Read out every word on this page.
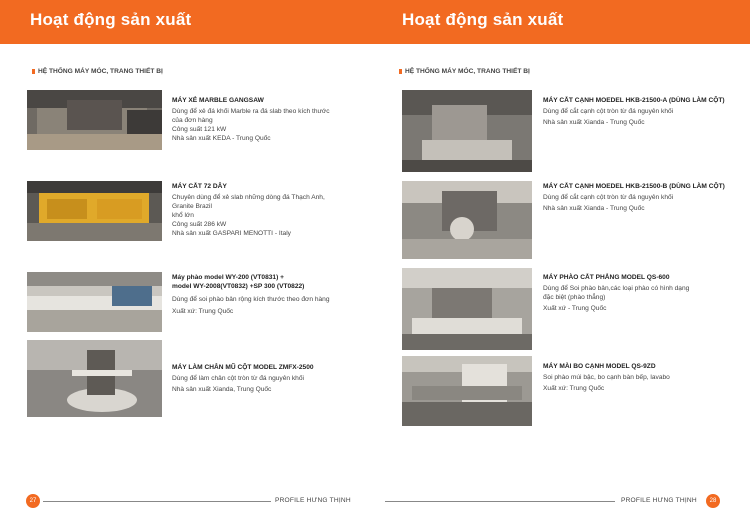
Hoạt động sản xuất
HỆ THỐNG MÁY MÓC, TRANG THIẾT BỊ
MÁY XẺ MARBLE GANGSAW
Dùng để xẻ đá khối Marble ra đá slab theo kích thước
của đơn hàng
Công suất 121 kW
Nhà sản xuất KEDA - Trung Quốc
MÁY CẮT 72 DÂY
Chuyên dùng để xẻ slab những dòng đá Thạch Anh,
Granite Brazil
khổ lớn
Công suất 286 kW
Nhà sản xuất GASPARI MENOTTI - Italy
Máy phào model WY-200 (VT0831) +
model WY-2008(VT0832) +SP 300 (VT0822)
Dùng để soi phào bản rộng kích thước theo đơn hàng
Xuất xứ: Trung Quốc
MÁY LÀM CHÂN MŨ CỘT MODEL ZMFX-2500
Dùng để làm chân cột tròn từ đá nguyên khối
Nhà sản xuất Xianda, Trung Quốc
27	PROFILE HƯNG THỊNH
Hoạt động sản xuất
HỆ THỐNG MÁY MÓC, TRANG THIẾT BỊ
MÁY CẮT CẠNH MOEDEL HKB-21500-A (DÙNG LÀM CỘT)
Dùng để cắt cạnh cột tròn từ đá nguyên khối
Nhà sản xuất Xianda - Trung Quốc
MÁY CẮT CẠNH MOEDEL HKB-21500-B (DÙNG LÀM CỘT)
Dùng để cắt cạnh cột tròn từ đá nguyên khối
Nhà sản xuất Xianda - Trung Quốc
MÁY PHÀO CẮT PHẲNG MODEL QS-600
Dùng để Soi phào bản,các loại phào có hình dạng
đặc biệt (phào thẳng)
Xuất xứ - Trung Quốc
MÁY MÀI BO CẠNH MODEL QS-9ZD
Soi phào múi bậc, bo cạnh bàn bếp, lavabo
Xuất xứ: Trung Quốc
PROFILE HƯNG THỊNH	28
